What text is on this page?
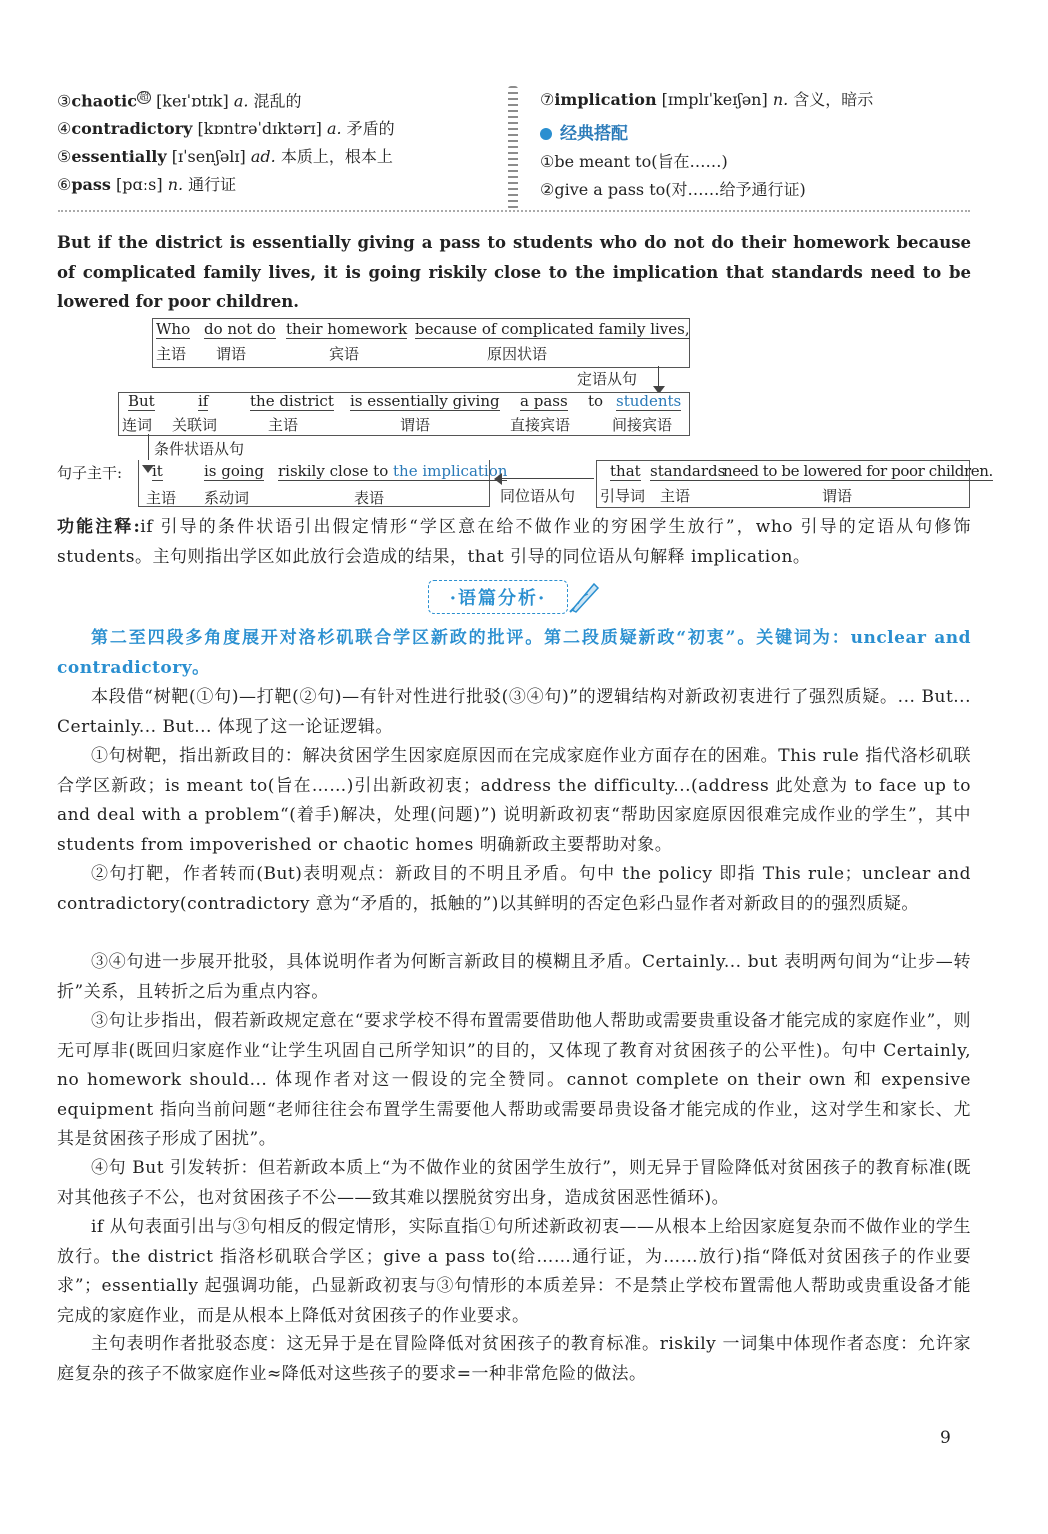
③chaotic $^超$ [keɪˈɒtɪk] a. 混乱的
④contradictory [kɒntrəˈdɪktərɪ] a. 矛盾的
⑤essentially [ɪˈsenʃəlɪ] ad. 本质上，根本上
⑥pass [pɑːs] n. 通行证
⑦implication [ɪmplɪˈkeɪʃən] n. 含义，暗示
经典搭配
①be meant to(旨在……)
②give a pass to(对……给予通行证)
But if the district is essentially giving a pass to students who do not do their homework because of complicated family lives, it is going riskily close to the implication that standards need to be lowered for poor children.
Who
主语
do not do
谓语
their homework
宾语
because of complicated family lives,
原因状语
定语从句
But
连词
if
关联词
the district
主语
is essentially giving
谓语
a pass
直接宾语
to students
间接宾语
条件状语从句
句子主干: it
主语
is going
系动词
riskily close to the implication
表语	同位语从句
that
引导词
standards
主语
need to be lowered for poor children.
谓语
功能注释:if 引导的条件状语引出假定情形“学区意在给不做作业的穷困学生放行”，who 引导的定语从句修饰 students。主句则指出学区如此放行会造成的结果，that 引导的同位语从句解释 implication。
·语篇分析·
第二至四段多角度展开对洛杉矶联合学区新政的批评。第二段质疑新政“初衷”。关键词为：unclear and contradictory。
本段借“树靶(①句)—打靶(②句)—有针对性进行批驳(③④句)”的逻辑结构对新政初衷进行了强烈质疑。... But... Certainly... But... 体现了这一论证逻辑。
①句树靶，指出新政目的：解决贫困学生因家庭原因而在完成家庭作业方面存在的困难。This rule 指代洛杉矶联合学区新政；is meant to(旨在……)引出新政初衷；address the difficulty...(address 此处意为 to face up to and deal with a problem“(着手)解决，处理(问题)”) 说明新政初衷“帮助因家庭原因很难完成作业的学生”，其中 students from impoverished or chaotic homes 明确新政主要帮助对象。
②句打靶，作者转而(But)表明观点：新政目的不明且矛盾。句中 the policy 即指 This rule；unclear and contradictory(contradictory 意为“矛盾的，抵触的”)以其鲜明的否定色彩凸显作者对新政目的的强烈质疑。
③④句进一步展开批驳，具体说明作者为何断言新政目的模糊且矛盾。Certainly... but 表明两句间为“让步—转折”关系，且转折之后为重点内容。
③句让步指出，假若新政规定意在“要求学校不得布置需要借助他人帮助或需要贵重设备才能完成的家庭作业”，则无可厚非(既回归家庭作业“让学生巩固自己所学知识”的目的，又体现了教育对贫困孩子的公平性)。句中 Certainly, no homework should... 体现作者对这一假设的完全赞同。cannot complete on their own 和 expensive equipment 指向当前问题“老师往往会布置学生需要他人帮助或需要昂贵设备才能完成的作业，这对学生和家长、尤其是贫困孩子形成了困扰”。
④句 But 引发转折：但若新政本质上“为不做作业的贫困学生放行”，则无异于冒险降低对贫困孩子的教育标准(既对其他孩子不公，也对贫困孩子不公——致其难以摆脱贫穷出身，造成贫困恶性循环)。
if 从句表面引出与③句相反的假定情形，实际直指①句所述新政初衷——从根本上给因家庭复杂而不做作业的学生放行。the district 指洛杉矶联合学区；give a pass to(给……通行证，为……放行)指“降低对贫困孩子的作业要求”；essentially 起强调功能，凸显新政初衷与③句情形的本质差异：不是禁止学校布置需他人帮助或贵重设备才能完成的家庭作业，而是从根本上降低对贫困孩子的作业要求。
主句表明作者批驳态度：这无异于是在冒险降低对贫困孩子的教育标准。riskily 一词集中体现作者态度：允许家庭复杂的孩子不做家庭作业≈降低对这些孩子的要求=一种非常危险的做法。
9
